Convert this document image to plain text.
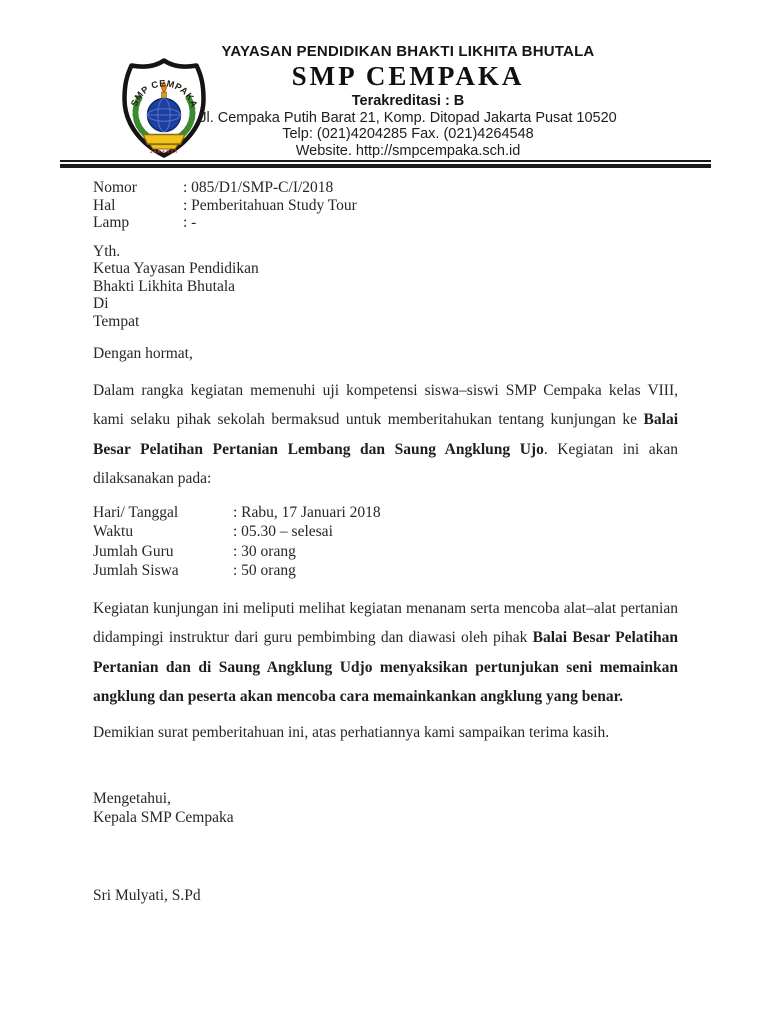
SMP CEMPAKA
JAKARTA
YAYASAN PENDIDIKAN BHAKTI LIKHITA BHUTALA
SMP CEMPAKA
Terakreditasi : B
Jl. Cempaka Putih Barat 21, Komp. Ditopad Jakarta Pusat 10520
Telp: (021)4204285 Fax. (021)4264548
Website. http://smpcempaka.sch.id
Nomor	: 085/D1/SMP-C/I/2018
Hal	: Pemberitahuan Study Tour
Lamp	: -
Yth.
Ketua Yayasan Pendidikan
Bhakti Likhita Bhutala
Di
Tempat
Dengan hormat,
Dalam rangka kegiatan memenuhi uji kompetensi siswa–siswi SMP Cempaka kelas VIII, kami selaku pihak sekolah bermaksud untuk memberitahukan tentang kunjungan ke Balai Besar Pelatihan Pertanian Lembang dan Saung Angklung Ujo. Kegiatan ini akan dilaksanakan pada:
Hari/ Tanggal	: Rabu, 17 Januari 2018
Waktu	: 05.30 – selesai
Jumlah Guru	: 30 orang
Jumlah Siswa	: 50 orang
Kegiatan kunjungan ini meliputi melihat kegiatan menanam serta mencoba alat–alat pertanian didampingi instruktur dari guru pembimbing dan diawasi oleh pihak Balai Besar Pelatihan Pertanian dan di Saung Angklung Udjo menyaksikan pertunjukan seni memainkan angklung dan peserta akan mencoba cara memainkankan angklung yang benar.
Demikian surat pemberitahuan ini, atas perhatiannya kami sampaikan terima kasih.
Mengetahui,
Kepala SMP Cempaka
Sri Mulyati, S.Pd
